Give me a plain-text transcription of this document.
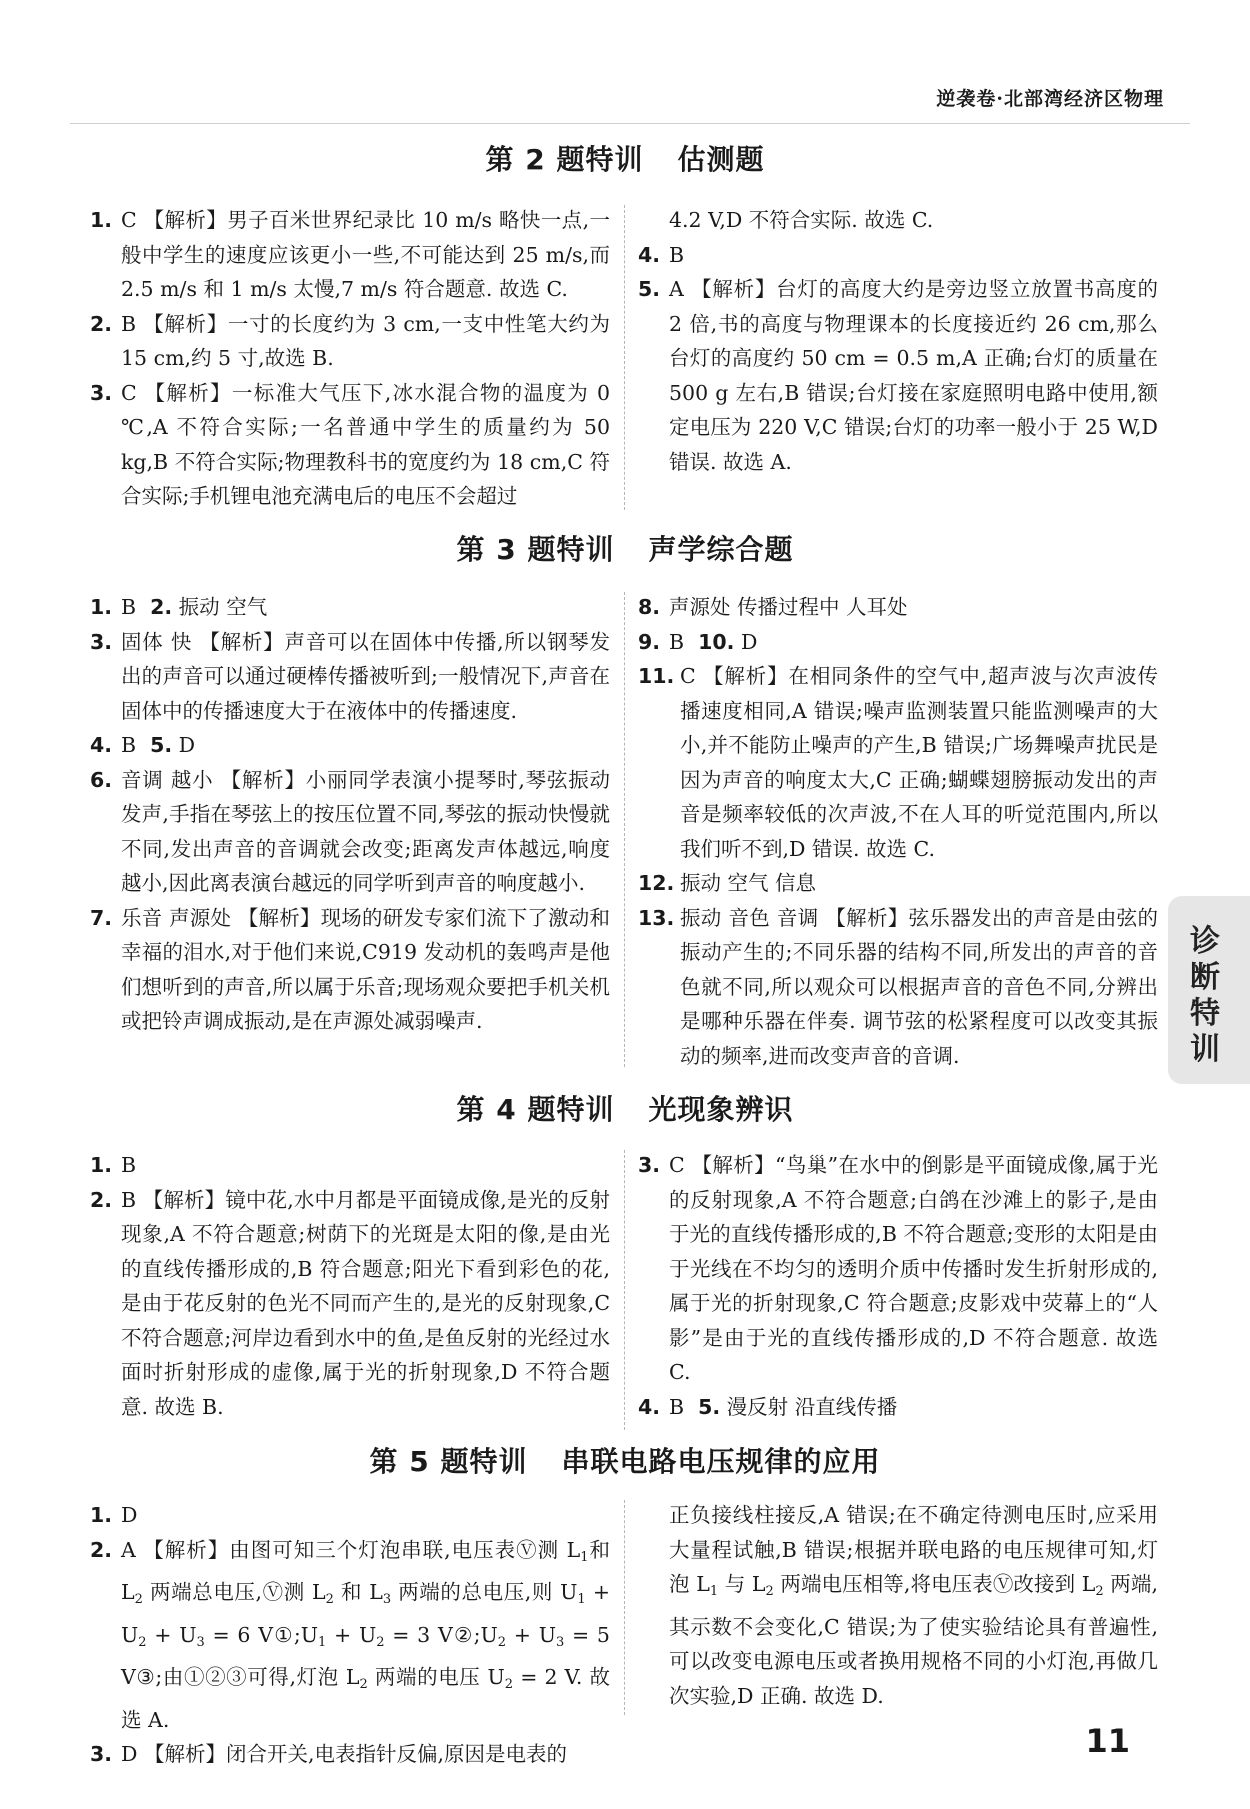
逆袭卷·北部湾经济区物理
第 2 题特训 估测题
1. C 【解析】男子百米世界纪录比 10 m/s 略快一点,一般中学生的速度应该更小一些,不可能达到 25 m/s,而 2.5 m/s 和 1 m/s 太慢,7 m/s 符合题意. 故选 C.
2. B 【解析】一寸的长度约为 3 cm,一支中性笔大约为 15 cm,约 5 寸,故选 B.
3. C 【解析】一标准大气压下,冰水混合物的温度为 0 ℃,A 不符合实际;一名普通中学生的质量约为 50 kg,B 不符合实际;物理教科书的宽度约为 18 cm,C 符合实际;手机锂电池充满电后的电压不会超过
4.2 V,D 不符合实际. 故选 C.
4. B
5. A 【解析】台灯的高度大约是旁边竖立放置书高度的 2 倍,书的高度与物理课本的长度接近约 26 cm,那么台灯的高度约 50 cm = 0.5 m,A 正确;台灯的质量在 500 g 左右,B 错误;台灯接在家庭照明电路中使用,额定电压为 220 V,C 错误;台灯的功率一般小于 25 W,D 错误. 故选 A.
第 3 题特训 声学综合题
1. B 2. 振动 空气
3. 固体 快 【解析】声音可以在固体中传播,所以钢琴发出的声音可以通过硬棒传播被听到;一般情况下,声音在固体中的传播速度大于在液体中的传播速度.
4. B 5. D
6. 音调 越小 【解析】小丽同学表演小提琴时,琴弦振动发声,手指在琴弦上的按压位置不同,琴弦的振动快慢就不同,发出声音的音调就会改变;距离发声体越远,响度越小,因此离表演台越远的同学听到声音的响度越小.
7. 乐音 声源处 【解析】现场的研发专家们流下了激动和幸福的泪水,对于他们来说,C919 发动机的轰鸣声是他们想听到的声音,所以属于乐音;现场观众要把手机关机或把铃声调成振动,是在声源处减弱噪声.
8. 声源处 传播过程中 人耳处
9. B 10. D
11. C 【解析】在相同条件的空气中,超声波与次声波传播速度相同,A 错误;噪声监测装置只能监测噪声的大小,并不能防止噪声的产生,B 错误;广场舞噪声扰民是因为声音的响度太大,C 正确;蝴蝶翅膀振动发出的声音是频率较低的次声波,不在人耳的听觉范围内,所以我们听不到,D 错误. 故选 C.
12. 振动 空气 信息
13. 振动 音色 音调 【解析】弦乐器发出的声音是由弦的振动产生的;不同乐器的结构不同,所发出的声音的音色就不同,所以观众可以根据声音的音色不同,分辨出是哪种乐器在伴奏. 调节弦的松紧程度可以改变其振动的频率,进而改变声音的音调.
第 4 题特训 光现象辨识
1. B
2. B 【解析】镜中花,水中月都是平面镜成像,是光的反射现象,A 不符合题意;树荫下的光斑是太阳的像,是由光的直线传播形成的,B 符合题意;阳光下看到彩色的花,是由于花反射的色光不同而产生的,是光的反射现象,C 不符合题意;河岸边看到水中的鱼,是鱼反射的光经过水面时折射形成的虚像,属于光的折射现象,D 不符合题意. 故选 B.
3. C 【解析】“鸟巢”在水中的倒影是平面镜成像,属于光的反射现象,A 不符合题意;白鸽在沙滩上的影子,是由于光的直线传播形成的,B 不符合题意;变形的太阳是由于光线在不均匀的透明介质中传播时发生折射形成的,属于光的折射现象,C 符合题意;皮影戏中荧幕上的“人影”是由于光的直线传播形成的,D 不符合题意. 故选 C.
4. B 5. 漫反射 沿直线传播
第 5 题特训 串联电路电压规律的应用
1. D
2. A 【解析】由图可知三个灯泡串联,电压表Ⓥ测 $L_1$和 $L_2$ 两端总电压,Ⓥ测 $L_2$ 和 $L_3$ 两端的总电压,则 $U_1 + U_2 + U_3 = 6$ $V①;U_1 + U_2 = 3$ $V②;U_2 + U_3 = 5$ V③;由①②③可得,灯泡 $L_2$ 两端的电压 $U_2 = 2$ V. 故选 A.
3. D 【解析】闭合开关,电表指针反偏,原因是电表的
正负接线柱接反,A 错误;在不确定待测电压时,应采用大量程试触,B 错误;根据并联电路的电压规律可知,灯泡 $L_1$ 与 $L_2$ 两端电压相等,将电压表Ⓥ改接到 $L_2$ 两端,其示数不会变化,C 错误;为了使实验结论具有普遍性,可以改变电源电压或者换用规格不同的小灯泡,再做几次实验,D 正确. 故选 D.
诊断特训
11
